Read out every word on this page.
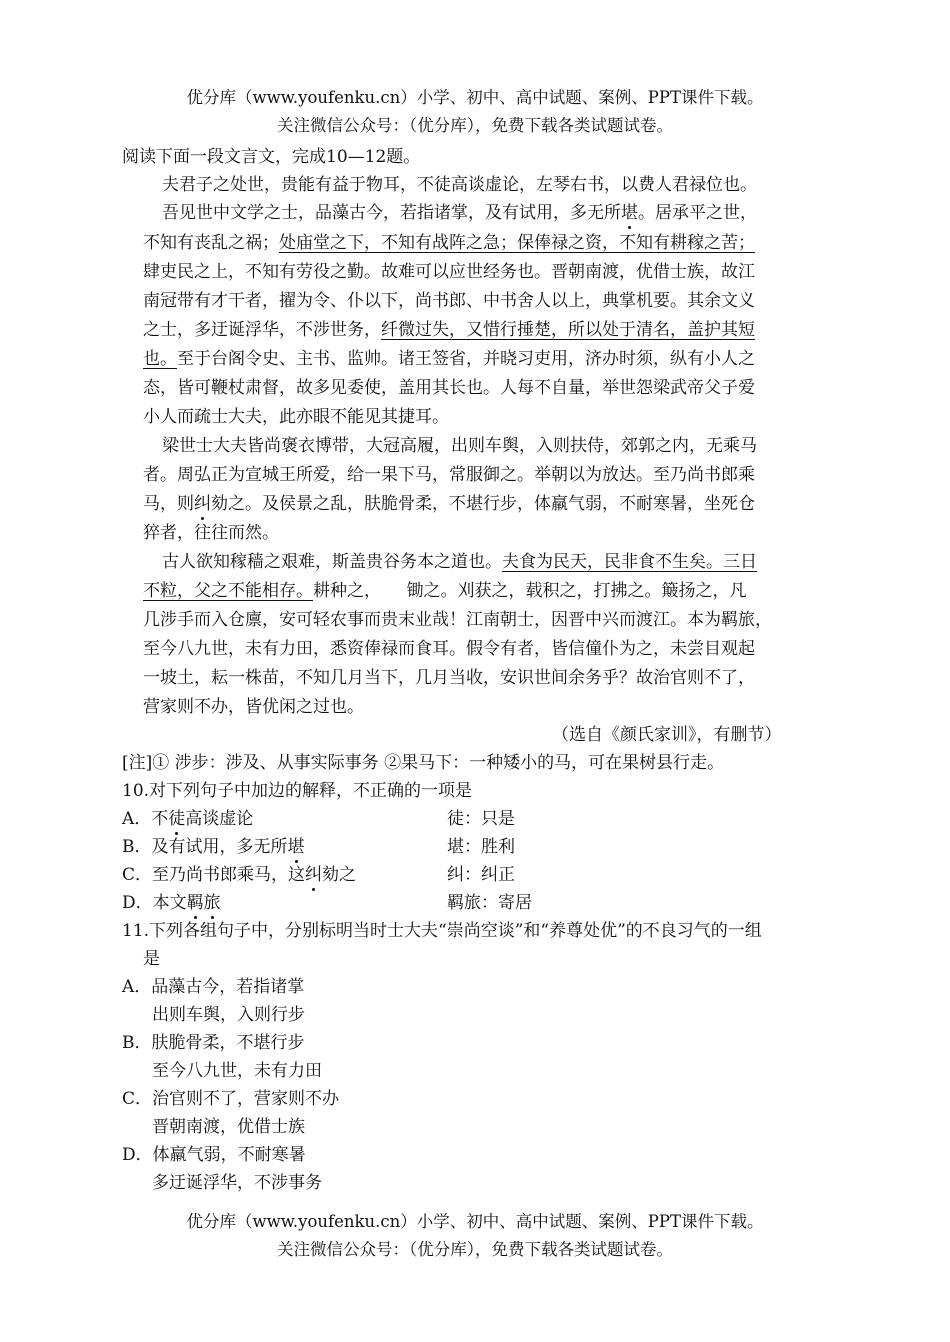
优分库（www.youfenku.cn）小学、初中、高中试题、案例、PPT课件下载。
关注微信公众号：（优分库），免费下载各类试题试卷。
阅读下面一段文言文，完成10—12题。
夫君子之处世，贵能有益于物耳，不徒高谈虚论，左琴右书，以费人君禄位也。
吾见世中文学之士，品藻古今，若指诸掌，及有试用，多无所堪。居承平之世，
不知有丧乱之祸；处庙堂之下，不知有战阵之急；保俸禄之资，不知有耕稼之苦；
肆吏民之上，不知有劳役之勤。故难可以应世经务也。晋朝南渡，优借士族，故江
南冠带有才干者，擢为令、仆以下，尚书郎、中书舍人以上，典掌机要。其余文义
之士，多迂诞浮华，不涉世务，纤微过失，又惜行捶楚，所以处于清名，盖护其短
也。至于台阁令史、主书、监帅。诸王签省，并晓习吏用，济办时须，纵有小人之
态，皆可鞭杖肃督，故多见委使，盖用其长也。人每不自量，举世怨梁武帝父子爱
小人而疏士大夫，此亦眼不能见其捷耳。
梁世士大夫皆尚褒衣博带，大冠高履，出则车舆，入则扶侍，郊郭之内，无乘马
者。周弘正为宣城王所爱，给一果下马，常服御之。举朝以为放达。至乃尚书郎乘
马，则纠劾之。及侯景之乱，肤脆骨柔，不堪行步，体羸气弱，不耐寒暑，坐死仓
猝者，往往而然。
古人欲知稼穑之艰难，斯盖贵谷务本之道也。夫食为民天，民非食不生矣。三日
不粒，父之不能相存。耕种之，　　锄之。刈获之，载积之，打拂之。簸扬之，凡
几涉手而入仓廪，安可轻农事而贵末业哉！江南朝士，因晋中兴而渡江。本为羁旅，
至今八九世，未有力田，悉资俸禄而食耳。假令有者，皆信僮仆为之，未尝目观起
一坡土，耘一株苗，不知几月当下，几月当收，安识世间余务乎？故治官则不了，
营家则不办，皆优闲之过也。
（选自《颜氏家训》，有删节）
[注]① 涉步：涉及、从事实际事务 ②果马下：一种矮小的马，可在果树县行走。
10.对下列句子中加边的解释，不正确的一项是
A．不徒高谈虚论	徒：只是
B．及有试用，多无所堪	堪：胜利
C．至乃尚书郎乘马，这纠劾之	纠：纠正
D．本文羁旅	羁旅：寄居
11.下列各组句子中，分别标明当时士大夫“崇尚空谈”和“养尊处优”的不良习气的一组
是
A．品藻古今，若指诸掌
出则车舆，入则行步
B．肤脆骨柔，不堪行步
至今八九世，未有力田
C．治官则不了，营家则不办
晋朝南渡，优借士族
D．体羸气弱，不耐寒暑
多迂诞浮华，不涉事务
优分库（www.youfenku.cn）小学、初中、高中试题、案例、PPT课件下载。
关注微信公众号：（优分库），免费下载各类试题试卷。
